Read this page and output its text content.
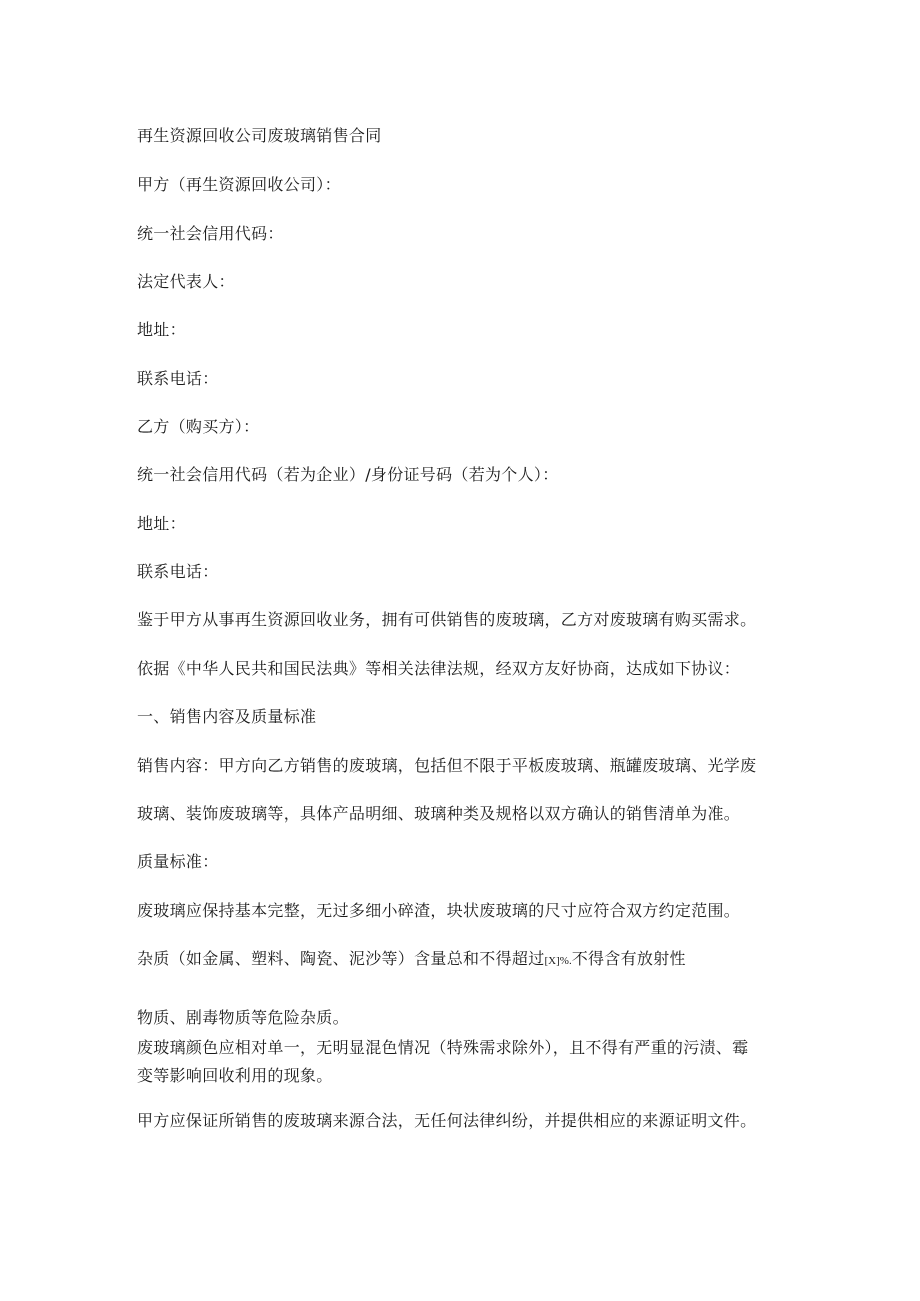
再生资源回收公司废玻璃销售合同
甲方（再生资源回收公司）：
统一社会信用代码：
法定代表人：
地址：
联系电话：
乙方（购买方）：
统一社会信用代码（若为企业）/身份证号码（若为个人）：
地址：
联系电话：
鉴于甲方从事再生资源回收业务，拥有可供销售的废玻璃，乙方对废玻璃有购买需求。
依据《中华人民共和国民法典》等相关法律法规，经双方友好协商，达成如下协议：
一、销售内容及质量标准
销售内容：甲方向乙方销售的废玻璃，包括但不限于平板废玻璃、瓶罐废玻璃、光学废
玻璃、装饰废玻璃等，具体产品明细、玻璃种类及规格以双方确认的销售清单为准。
质量标准：
废玻璃应保持基本完整，无过多细小碎渣，块状废玻璃的尺寸应符合双方约定范围。
杂质（如金属、塑料、陶瓷、泥沙等）含量总和不得超过[X]%.不得含有放射性
物质、剧毒物质等危险杂质。
废玻璃颜色应相对单一，无明显混色情况（特殊需求除外），且不得有严重的污渍、霉
变等影响回收利用的现象。
甲方应保证所销售的废玻璃来源合法，无任何法律纠纷，并提供相应的来源证明文件。
